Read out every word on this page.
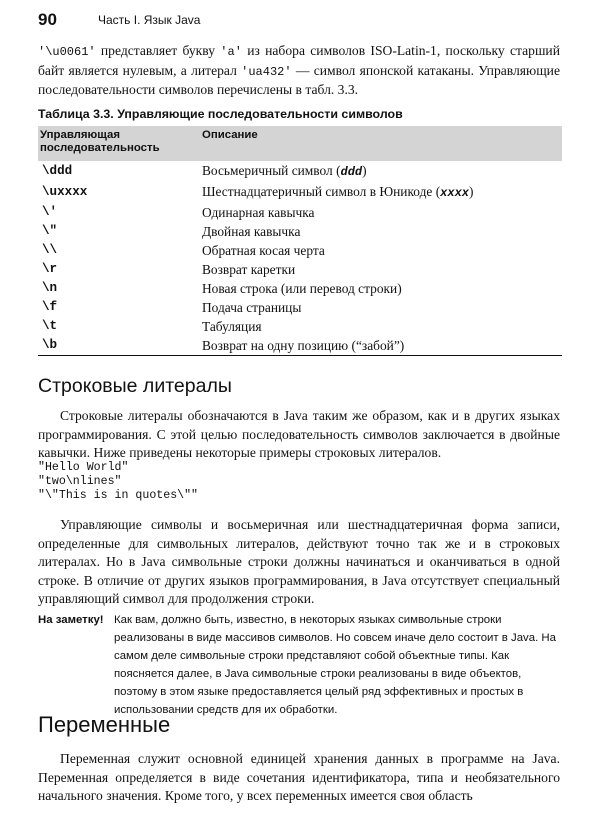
90	Часть I. Язык Java

'\u0061' представляет букву 'a' из набора символов ISO-Latin-1, поскольку старший байт является нулевым, а литерал 'ua432' — символ японской катаканы. Управляющие последовательности символов перечислены в табл. 3.3.

Таблица 3.3. Управляющие последовательности символов
Управляющая последовательность	Описание
\ddd	Восьмеричный символ (ddd)
\uxxxx	Шестнадцатеричный символ в Юникоде (xxxx)
\'	Одинарная кавычка
\"	Двойная кавычка
\\	Обратная косая черта
\r	Возврат каретки
\n	Новая строка (или перевод строки)
\f	Подача страницы
\t	Табуляция
\b	Возврат на одну позицию (“забой”)
Строковые литералы

Строковые литералы обозначаются в Java таким же образом, как и в других языках программирования. С этой целью последовательность символов заключается в двойные кавычки. Ниже приведены некоторые примеры строковых литералов.

"Hello World"
"two\nlines"
"\"This is in quotes\""

Управляющие символы и восьмеричная или шестнадцатеричная форма записи, определенные для символьных литералов, действуют точно так же и в строковых литералах. Но в Java символьные строки должны начинаться и оканчиваться в одной строке. В отличие от других языков программирования, в Java отсутствует специальный управляющий символ для продолжения строки.

На заметку! Как вам, должно быть, известно, в некоторых языках символьные строки реализованы в виде массивов символов. Но совсем иначе дело состоит в Java. На самом деле символьные строки представляют собой объектные типы. Как поясняется далее, в Java символьные строки реализованы в виде объектов, поэтому в этом языке предоставляется целый ряд эффективных и простых в использовании средств для их обработки.
Переменные

Переменная служит основной единицей хранения данных в программе на Java. Переменная определяется в виде сочетания идентификатора, типа и необязательного начального значения. Кроме того, у всех переменных имеется своя область
